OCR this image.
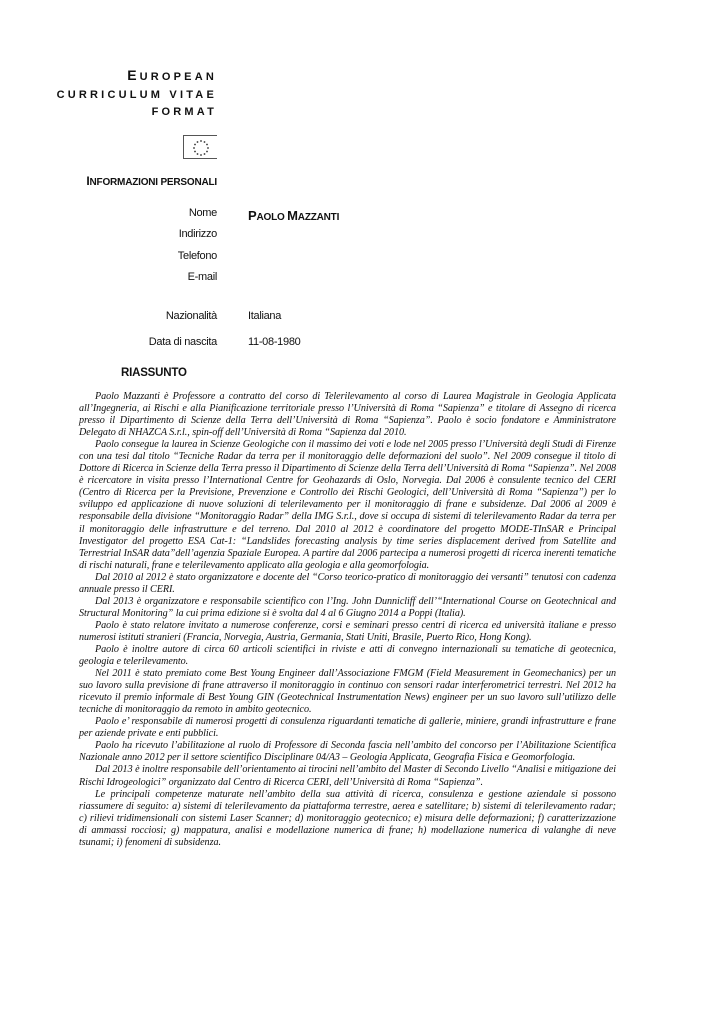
EUROPEAN
CURRICULUM VITAE
FORMAT
INFORMAZIONI PERSONALI
Nome PAOLO MAZZANTI
Indirizzo
Telefono
E-mail
Nazionalità	Italiana
Data di nascita	11-08-1980
RIASSUNTO

Paolo Mazzanti è Professore a contratto del corso di Telerilevamento al corso di Laurea Magistrale in Geologia Applicata all’Ingegneria, ai Rischi e alla Pianificazione territoriale presso l’Università di Roma “Sapienza” e titolare di Assegno di ricerca presso il Dipartimento di Scienze della Terra dell’Università di Roma “Sapienza”. Paolo è socio fondatore e Amministratore Delegato di NHAZCA S.r.l., spin-off dell’Università di Roma “Sapienza dal 2010.

Paolo consegue la laurea in Scienze Geologiche con il massimo dei voti e lode nel 2005 presso l’Università degli Studi di Firenze con una tesi dal titolo “Tecniche Radar da terra per il monitoraggio delle deformazioni del suolo”. Nel 2009 consegue il titolo di Dottore di Ricerca in Scienze della Terra presso il Dipartimento di Scienze della Terra dell’Università di Roma “Sapienza”. Nel 2008 è ricercatore in visita presso l’International Centre for Geohazards di Oslo, Norvegia. Dal 2006 è consulente tecnico del CERI (Centro di Ricerca per la Previsione, Prevenzione e Controllo dei Rischi Geologici, dell’Università di Roma “Sapienza”) per lo sviluppo ed applicazione di nuove soluzioni di telerilevamento per il monitoraggio di frane e subsidenze. Dal 2006 al 2009 è responsabile della divisione “Monitoraggio Radar” della IMG S.r.l., dove si occupa di sistemi di telerilevamento Radar da terra per il monitoraggio delle infrastrutture e del terreno. Dal 2010 al 2012 è coordinatore del progetto MODE-TInSAR e Principal Investigator del progetto ESA Cat-1: “Landslides forecasting analysis by time series displacement derived from Satellite and Terrestrial InSAR data”dell’agenzia Spaziale Europea. A partire dal 2006 partecipa a numerosi progetti di ricerca inerenti tematiche di rischi naturali, frane e telerilevamento applicato alla geologia e alla geomorfologia.

Dal 2010 al 2012 è stato organizzatore e docente del “Corso teorico-pratico di monitoraggio dei versanti” tenutosi con cadenza annuale presso il CERI.

Dal 2013 è organizzatore e responsabile scientifico con l’Ing. John Dunnicliff dell’“International Course on Geotechnical and Structural Monitoring” la cui prima edizione si è svolta dal 4 al 6 Giugno 2014 a Poppi (Italia).

Paolo è stato relatore invitato a numerose conferenze, corsi e seminari presso centri di ricerca ed università italiane e presso numerosi istituti stranieri (Francia, Norvegia, Austria, Germania, Stati Uniti, Brasile, Puerto Rico, Hong Kong).

Paolo è inoltre autore di circa 60 articoli scientifici in riviste e atti di convegno internazionali su tematiche di geotecnica, geologia e telerilevamento.

Nel 2011 è stato premiato come Best Young Engineer dall’Associazione FMGM (Field Measurement in Geomechanics) per un suo lavoro sulla previsione di frane attraverso il monitoraggio in continuo con sensori radar interferometrici terrestri. Nel 2012 ha ricevuto il premio informale di Best Young GIN (Geotechnical Instrumentation News) engineer per un suo lavoro sull’utilizzo delle tecniche di monitoraggio da remoto in ambito geotecnico.

Paolo e’ responsabile di numerosi progetti di consulenza riguardanti tematiche di gallerie, miniere, grandi infrastrutture e frane per aziende private e enti pubblici.

Paolo ha ricevuto l’abilitazione al ruolo di Professore di Seconda fascia nell’ambito del concorso per l’Abilitazione Scientifica Nazionale anno 2012 per il settore scientifico Disciplinare 04/A3 – Geologia Applicata, Geografia Fisica e Geomorfologia.

Dal 2013 è inoltre responsabile dell’orientamento ai tirocini nell’ambito del Master di Secondo Livello “Analisi e mitigazione dei Rischi Idrogeologici” organizzato dal Centro di Ricerca CERI, dell’Università di Roma “Sapienza”.

Le principali competenze maturate nell’ambito della sua attività di ricerca, consulenza e gestione aziendale si possono riassumere di seguito: a) sistemi di telerilevamento da piattaforma terrestre, aerea e satellitare; b) sistemi di telerilevamento radar; c) rilievi tridimensionali con sistemi Laser Scanner; d) monitoraggio geotecnico; e) misura delle deformazioni; f) caratterizzazione di ammassi rocciosi; g) mappatura, analisi e modellazione numerica di frane; h) modellazione numerica di valanghe di neve tsunami; i) fenomeni di subsidenza.
